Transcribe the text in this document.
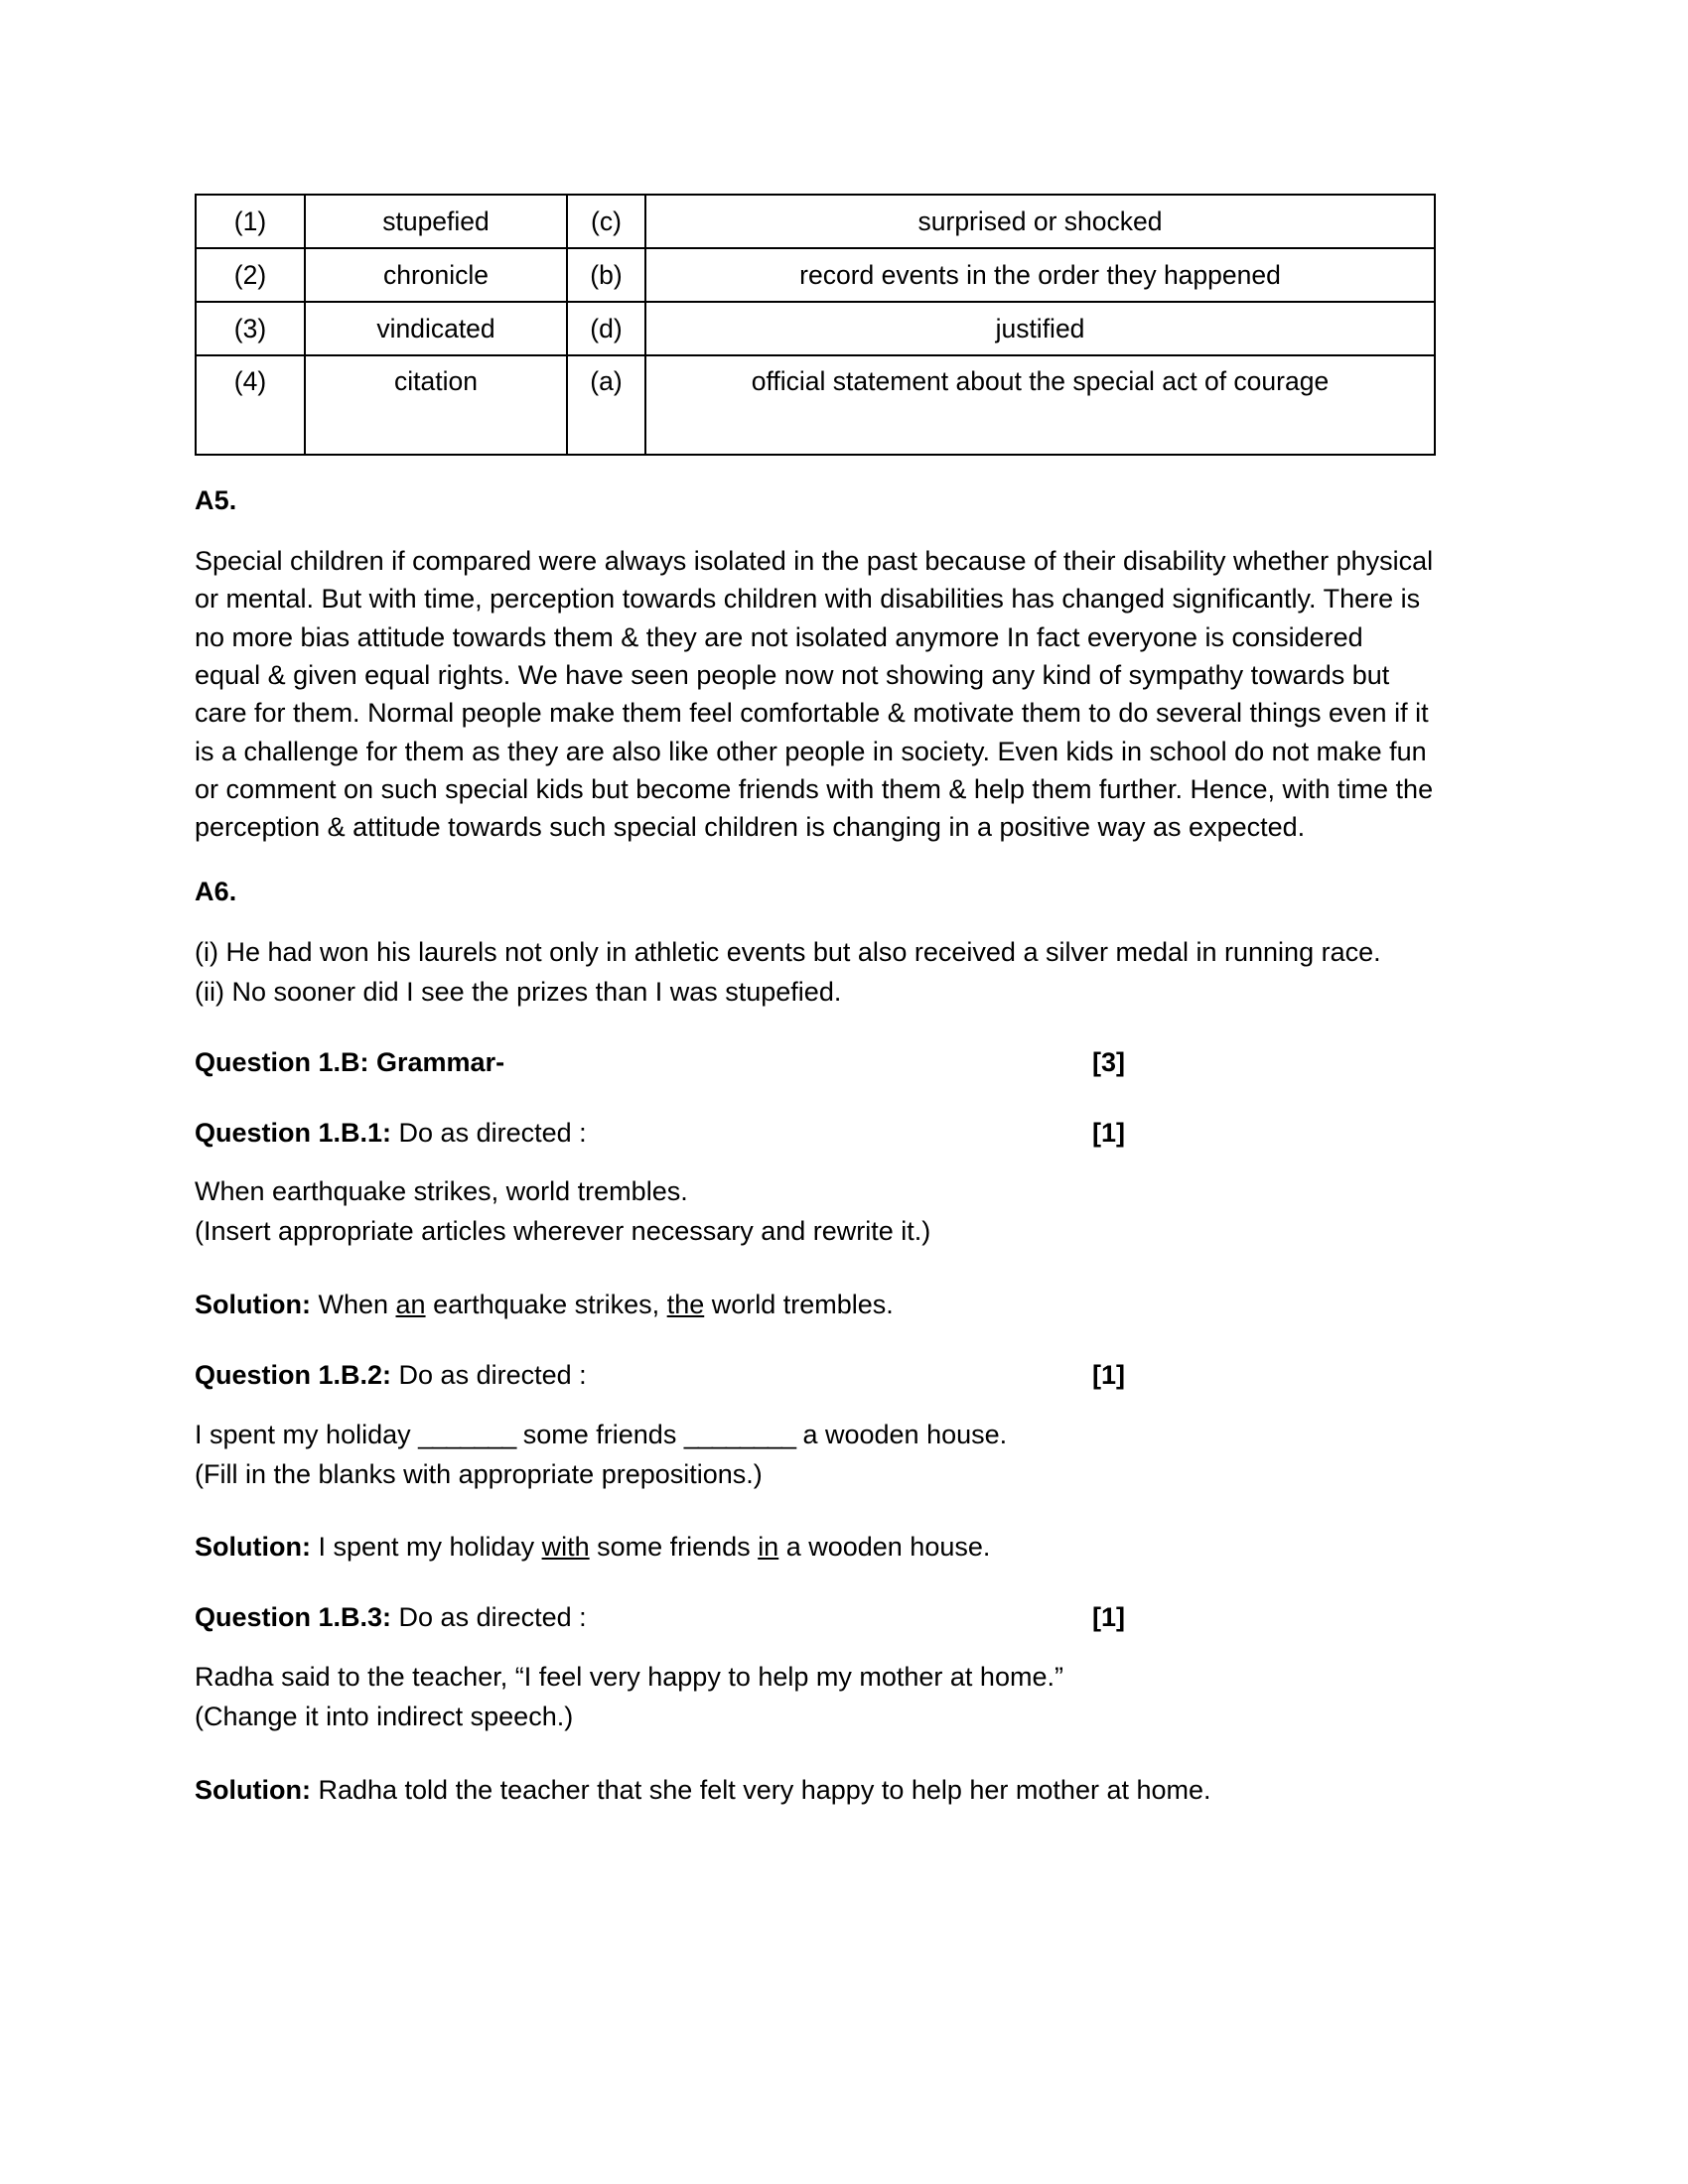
(1)	stupefied	(c)	surprised or shocked
(2)	chronicle	(b)	record events in the order they happened
(3)	vindicated	(d)	justified
(4)	citation	(a)	official statement about the special act of courage
A5.
Special children if compared were always isolated in the past because of their disability whether physical or mental. But with time, perception towards children with disabilities has changed significantly. There is no more bias attitude towards them & they are not isolated anymore In fact everyone is considered equal & given equal rights. We have seen people now not showing any kind of sympathy towards but care for them. Normal people make them feel comfortable & motivate them to do several things even if it is a challenge for them as they are also like other people in society. Even kids in school do not make fun or comment on such special kids but become friends with them & help them further. Hence, with time the perception & attitude towards such special children is changing in a positive way as expected.
A6.
(i) He had won his laurels not only in athletic events but also received a silver medal in running race.
(ii) No sooner did I see the prizes than I was stupefied.
Question 1.B: Grammar-	[3]
Question 1.B.1: Do as directed :	[1]
When earthquake strikes, world trembles.
(Insert appropriate articles wherever necessary and rewrite it.)
Solution: When an earthquake strikes, the world trembles.
Question 1.B.2: Do as directed :	[1]
I spent my holiday _______ some friends ________ a wooden house.
(Fill in the blanks with appropriate prepositions.)
Solution: I spent my holiday with some friends in a wooden house.
Question 1.B.3: Do as directed :	[1]
Radha said to the teacher, “I feel very happy to help my mother at home.”
(Change it into indirect speech.)
Solution: Radha told the teacher that she felt very happy to help her mother at home.
